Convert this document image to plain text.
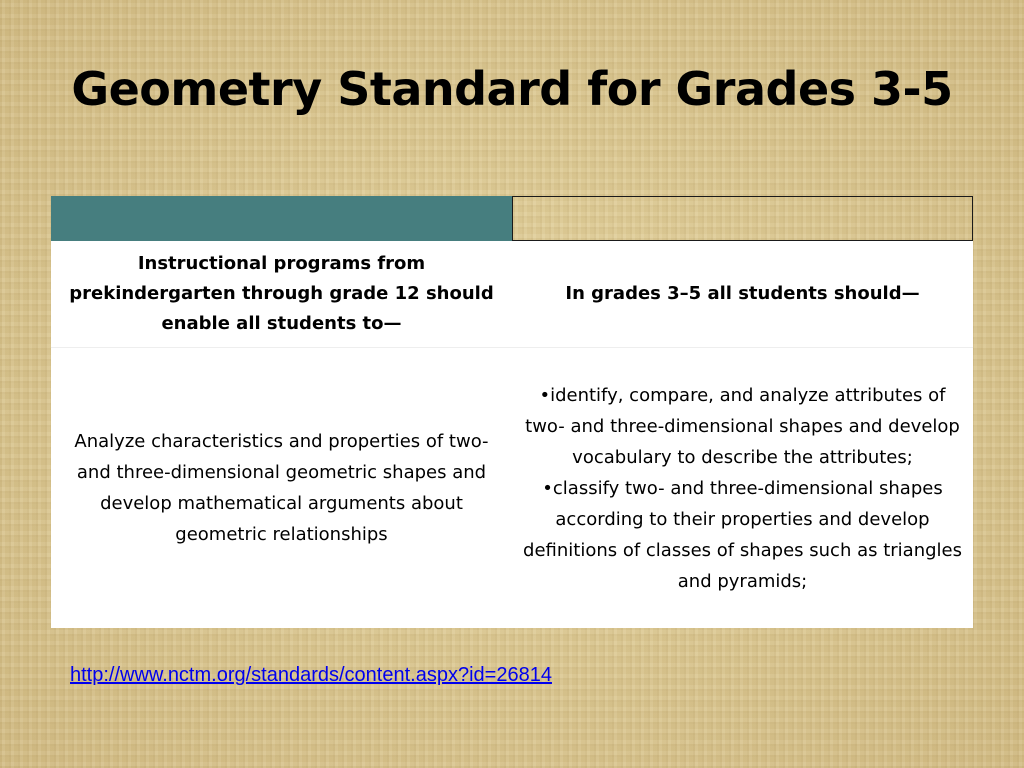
Geometry Standard for Grades 3-5
Instructional programs from prekindergarten through grade 12 should enable all students to—
In grades 3–5 all students should—
Analyze characteristics and properties of two- and three-dimensional geometric shapes and develop mathematical arguments about geometric relationships
•identify, compare, and analyze attributes of two- and three-dimensional shapes and develop vocabulary to describe the attributes;
•classify two- and three-dimensional shapes according to their properties and develop definitions of classes of shapes such as triangles and pyramids;
http://www.nctm.org/standards/content.aspx?id=26814
